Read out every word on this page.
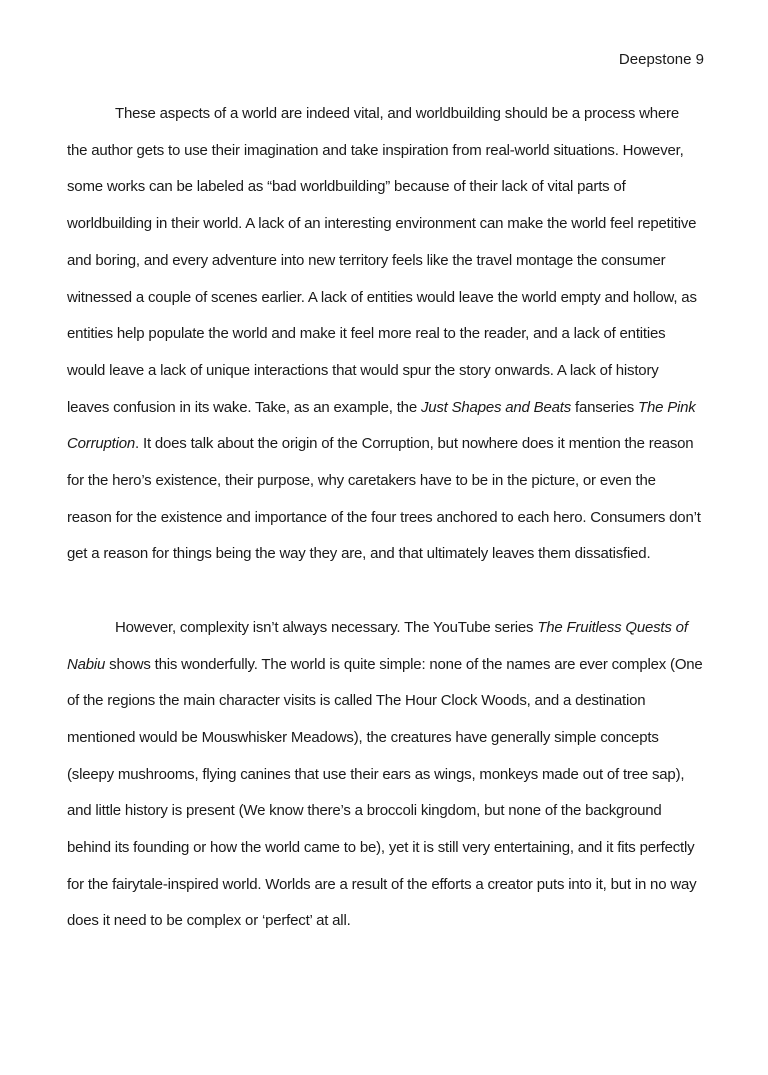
Deepstone 9

These aspects of a world are indeed vital, and worldbuilding should be a process where the author gets to use their imagination and take inspiration from real-world situations. However, some works can be labeled as “bad worldbuilding” because of their lack of vital parts of worldbuilding in their world. A lack of an interesting environment can make the world feel repetitive and boring, and every adventure into new territory feels like the travel montage the consumer witnessed a couple of scenes earlier. A lack of entities would leave the world empty and hollow, as entities help populate the world and make it feel more real to the reader, and a lack of entities would leave a lack of unique interactions that would spur the story onwards. A lack of history leaves confusion in its wake. Take, as an example, the Just Shapes and Beats fanseries The Pink Corruption. It does talk about the origin of the Corruption, but nowhere does it mention the reason for the hero’s existence, their purpose, why caretakers have to be in the picture, or even the reason for the existence and importance of the four trees anchored to each hero. Consumers don’t get a reason for things being the way they are, and that ultimately leaves them dissatisfied.

However, complexity isn’t always necessary. The YouTube series The Fruitless Quests of Nabiu shows this wonderfully. The world is quite simple: none of the names are ever complex (One of the regions the main character visits is called The Hour Clock Woods, and a destination mentioned would be Mouswhisker Meadows), the creatures have generally simple concepts (sleepy mushrooms, flying canines that use their ears as wings, monkeys made out of tree sap), and little history is present (We know there’s a broccoli kingdom, but none of the background behind its founding or how the world came to be), yet it is still very entertaining, and it fits perfectly for the fairytale-inspired world. Worlds are a result of the efforts a creator puts into it, but in no way does it need to be complex or ‘perfect’ at all.
